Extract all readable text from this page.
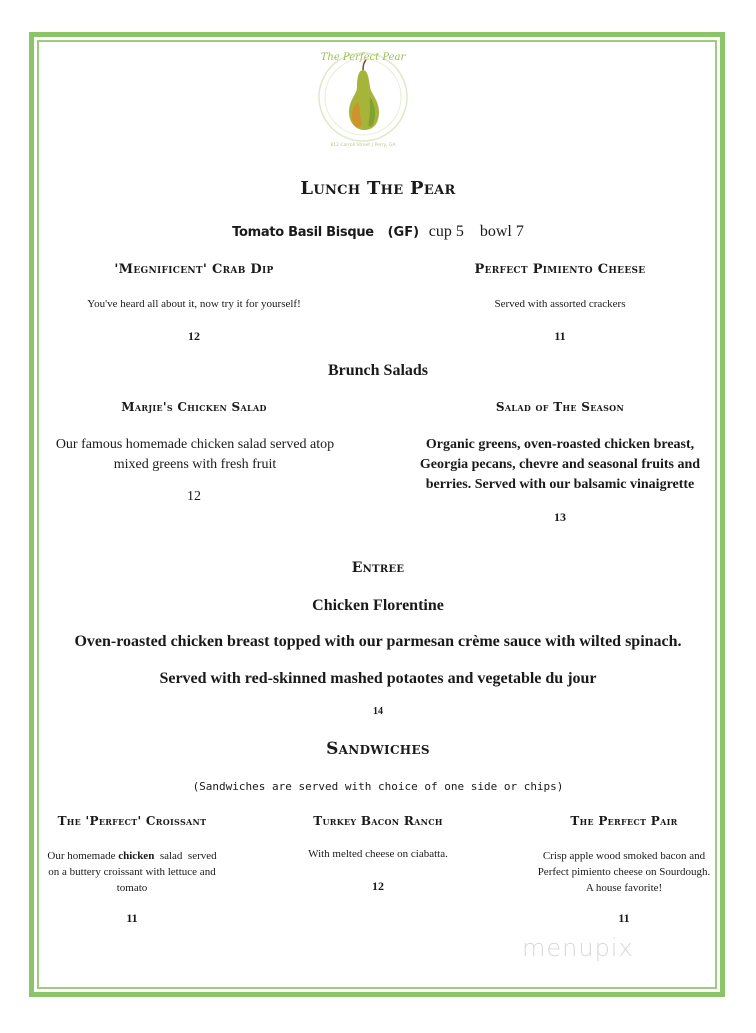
The Perfect Pear
812 Carroll Street | Perry, GA
Lunch The Pear
Tomato Basil Bisque (GF) cup 5    bowl 7
'Megnificent' Crab Dip
You've heard all about it, now try it for yourself!
12
Perfect Pimiento Cheese
Served with assorted crackers
11
Brunch Salads
Marjie's Chicken Salad
Our famous homemade chicken salad served atop
mixed greens with fresh fruit
12
Salad of The Season
Organic greens, oven-roasted chicken breast,
Georgia pecans, chevre and seasonal fruits and
berries. Served with our balsamic vinaigrette
13
Entree
Chicken Florentine
Oven-roasted chicken breast topped with our parmesan crème sauce with wilted spinach.
Served with red-skinned mashed potaotes and vegetable du jour
14
Sandwiches
(Sandwiches are served with choice of one side or chips)
The 'Perfect' Croissant
Our homemade chicken  salad  served
on a buttery croissant with lettuce and
tomato
11
Turkey Bacon Ranch
With melted cheese on ciabatta.
12
The Perfect Pair
Crisp apple wood smoked bacon and
Perfect pimiento cheese on Sourdough.
A house favorite!
11
menupix
